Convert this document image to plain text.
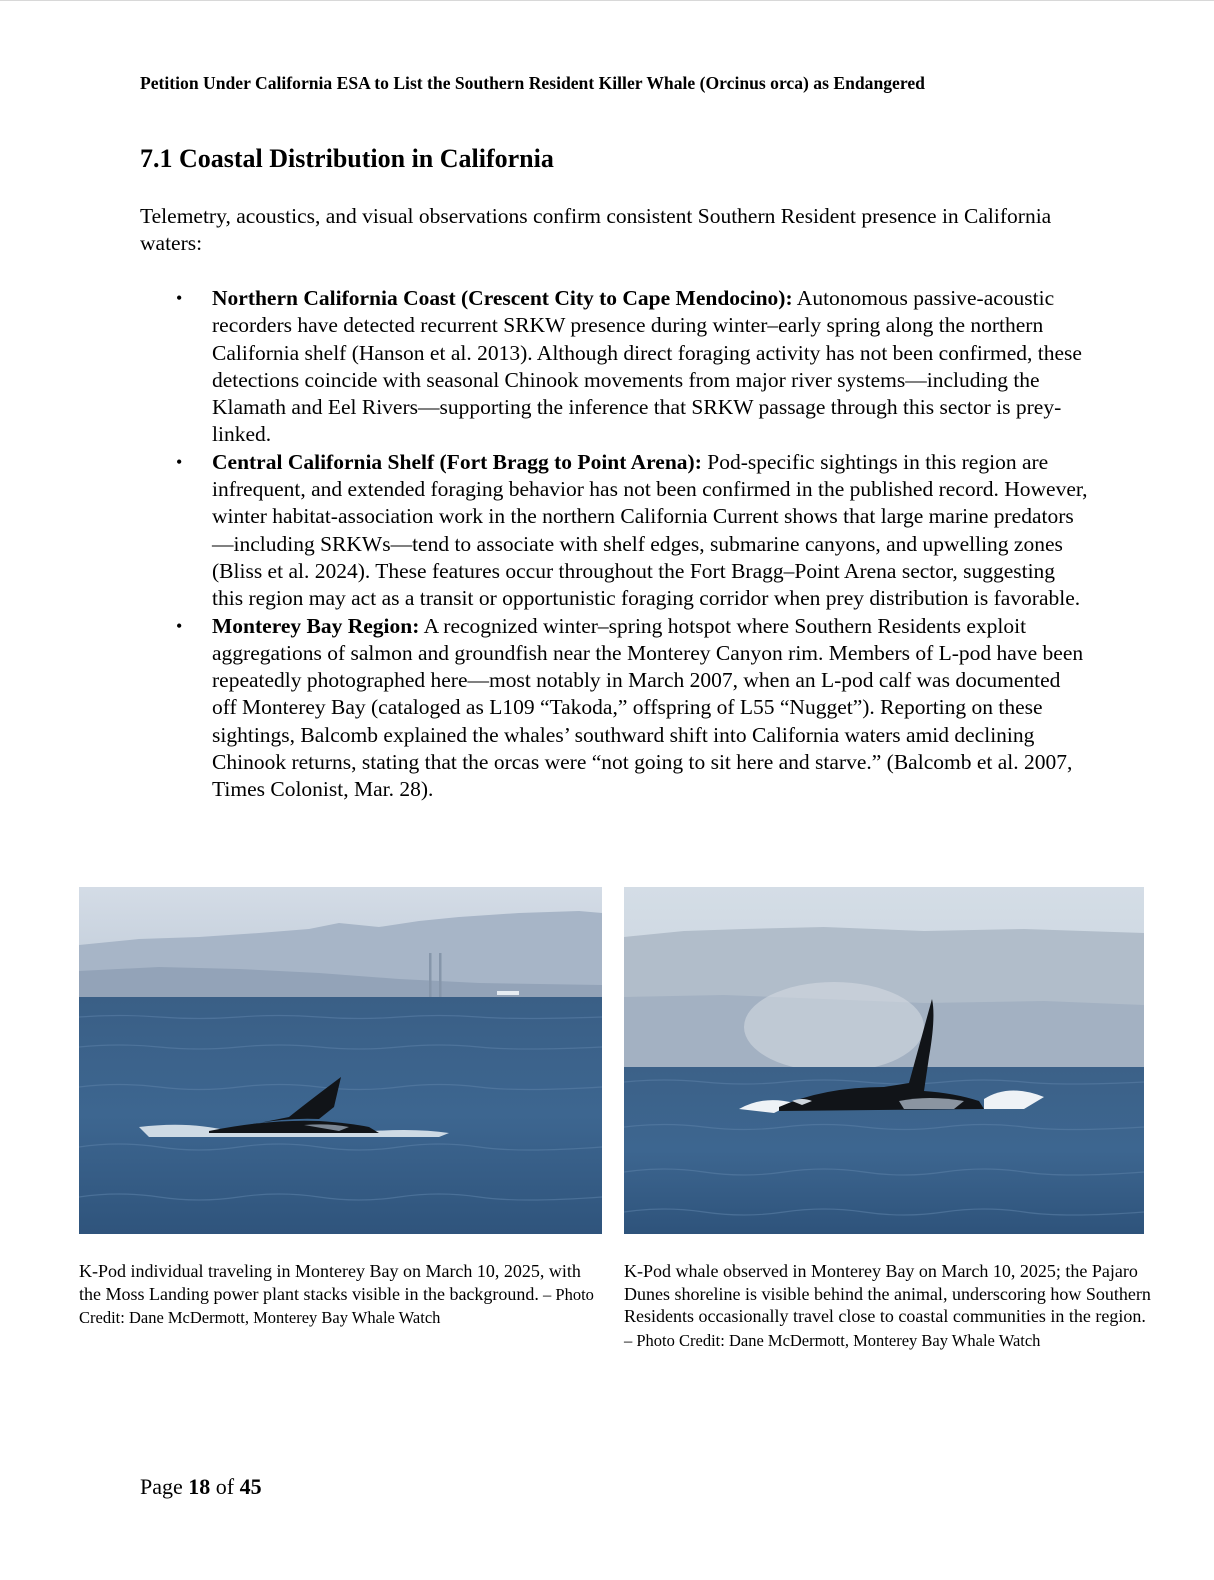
Petition Under California ESA to List the Southern Resident Killer Whale (Orcinus orca) as Endangered
7.1 Coastal Distribution in California

Telemetry, acoustics, and visual observations confirm consistent Southern Resident presence in California waters:

• Northern California Coast (Crescent City to Cape Mendocino): Autonomous passive-acoustic recorders have detected recurrent SRKW presence during winter–early spring along the northern California shelf (Hanson et al. 2013). Although direct foraging activity has not been confirmed, these detections coincide with seasonal Chinook movements from major river systems—including the Klamath and Eel Rivers—supporting the inference that SRKW passage through this sector is prey-linked.
• Central California Shelf (Fort Bragg to Point Arena): Pod-specific sightings in this region are infrequent, and extended foraging behavior has not been confirmed in the published record. However, winter habitat-association work in the northern California Current shows that large marine predators—including SRKWs—tend to associate with shelf edges, submarine canyons, and upwelling zones (Bliss et al. 2024). These features occur throughout the Fort Bragg–Point Arena sector, suggesting this region may act as a transit or opportunistic foraging corridor when prey distribution is favorable.
• Monterey Bay Region: A recognized winter–spring hotspot where Southern Residents exploit aggregations of salmon and groundfish near the Monterey Canyon rim. Members of L-pod have been repeatedly photographed here—most notably in March 2007, when an L-pod calf was documented off Monterey Bay (cataloged as L109 “Takoda,” offspring of L55 “Nugget”). Reporting on these sightings, Balcomb explained the whales’ southward shift into California waters amid declining Chinook returns, stating that the orcas were “not going to sit here and starve.” (Balcomb et al. 2007, Times Colonist, Mar. 28).

K-Pod individual traveling in Monterey Bay on March 10, 2025, with the Moss Landing power plant stacks visible in the background. – Photo Credit: Dane McDermott, Monterey Bay Whale Watch

K-Pod whale observed in Monterey Bay on March 10, 2025; the Pajaro Dunes shoreline is visible behind the animal, underscoring how Southern Residents occasionally travel close to coastal communities in the region. – Photo Credit: Dane McDermott, Monterey Bay Whale Watch

Page 18 of 45
